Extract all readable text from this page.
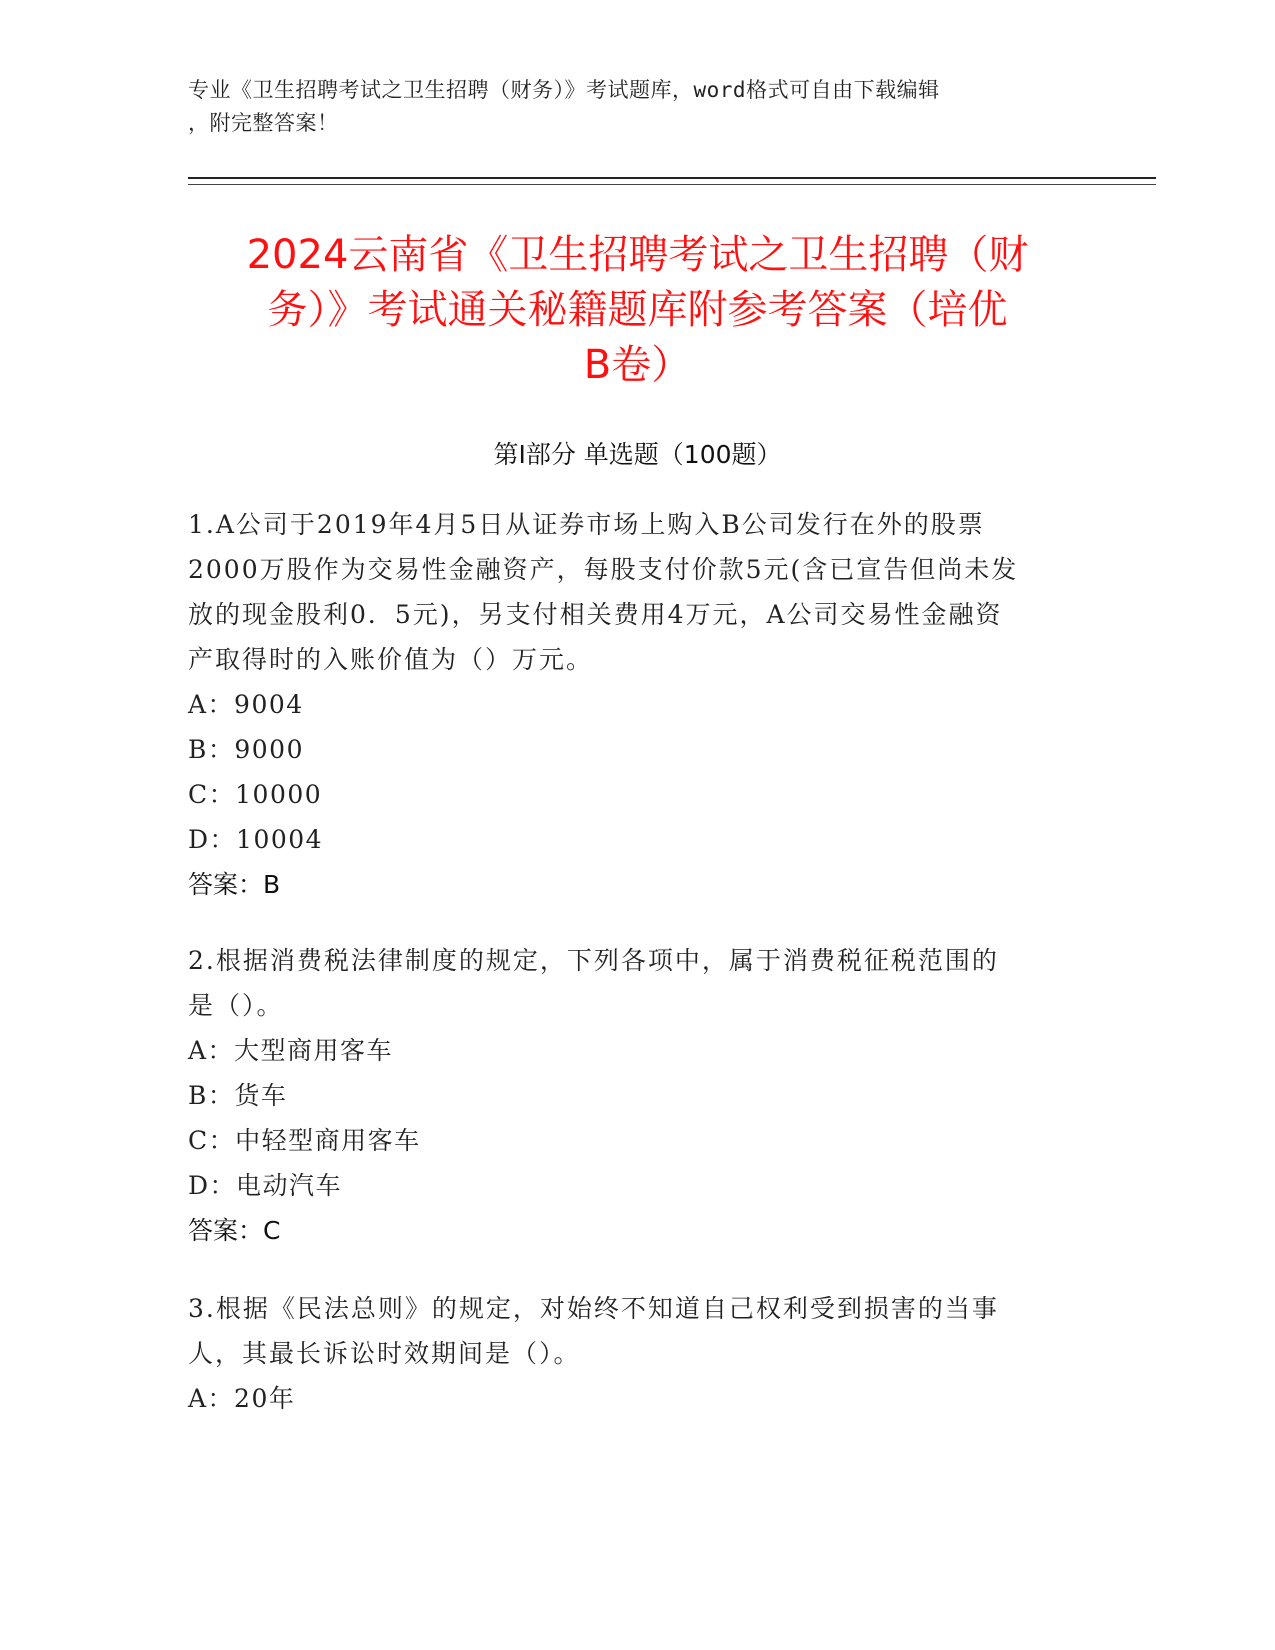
专业《卫生招聘考试之卫生招聘（财务）》考试题库，word格式可自由下载编辑
，附完整答案！
2024云南省《卫生招聘考试之卫生招聘（财
务）》考试通关秘籍题库附参考答案（培优
B卷）
第I部分 单选题（100题）
1.A公司于2019年4月5日从证券市场上购入B公司发行在外的股票
2000万股作为交易性金融资产，每股支付价款5元(含已宣告但尚未发
放的现金股利0．5元)，另支付相关费用4万元，A公司交易性金融资
产取得时的入账价值为（）万元。
A：9004
B：9000
C：10000
D：10004
答案：B
2.根据消费税法律制度的规定，下列各项中，属于消费税征税范围的
是（）。
A：大型商用客车
B：货车
C：中轻型商用客车
D：电动汽车
答案：C
3.根据《民法总则》的规定，对始终不知道自己权利受到损害的当事
人，其最长诉讼时效期间是（）。
A：20年
